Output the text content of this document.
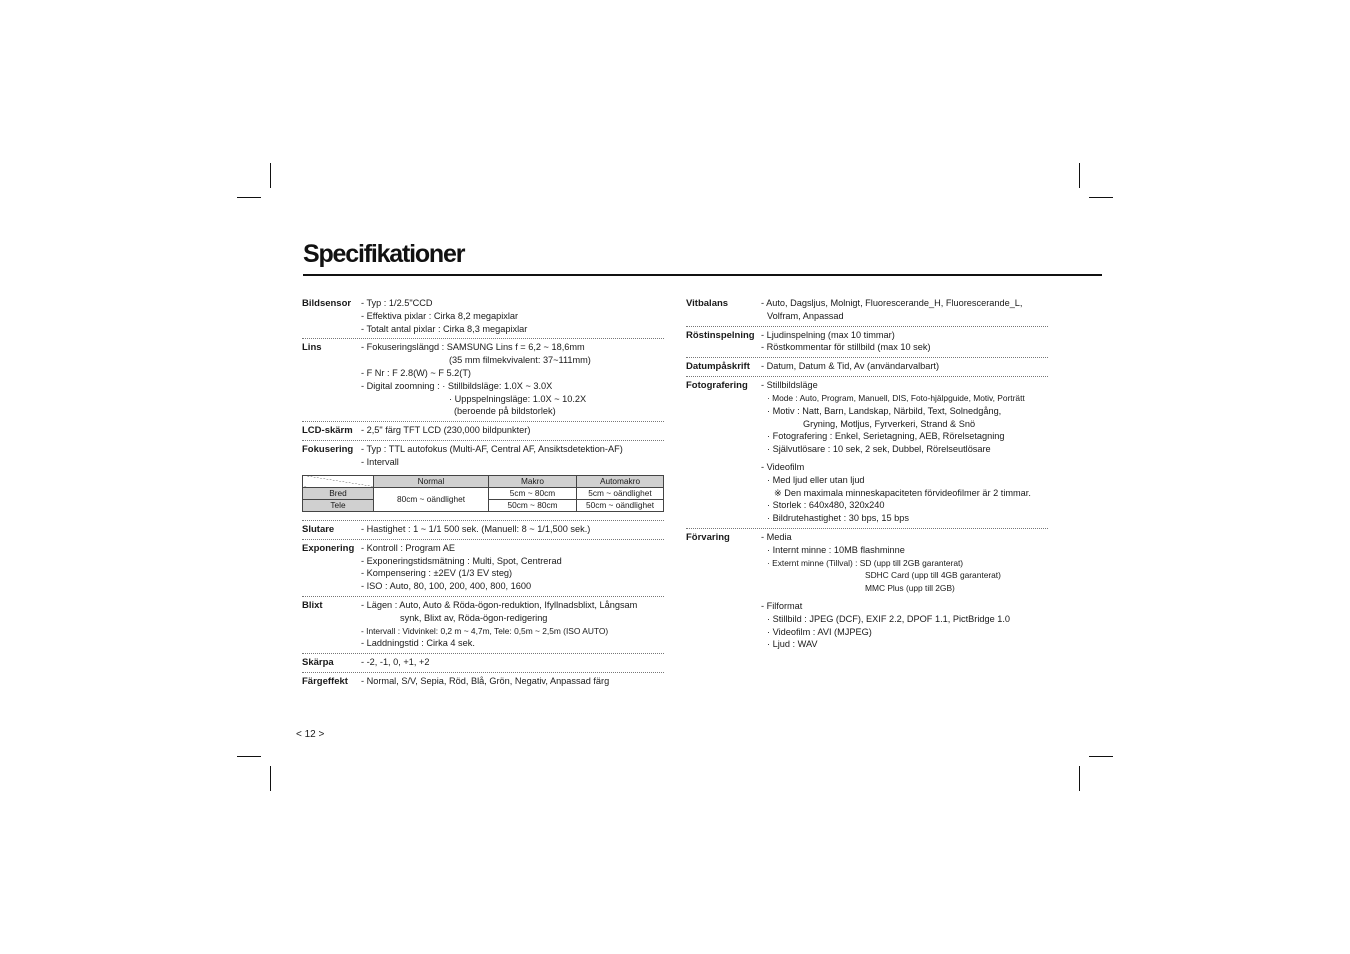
Specifikationer
Bildsensor	- Typ : 1/2.5"CCD
- Effektiva pixlar : Cirka 8,2 megapixlar
- Totalt antal pixlar : Cirka 8,3 megapixlar
Lins	- Fokuseringslängd : SAMSUNG Lins f = 6,2 ~ 18,6mm
(35 mm filmekvivalent: 37~111mm)
- F Nr : F 2.8(W) ~ F 5.2(T)
- Digital zoomning : · Stillbildsläge: 1.0X ~ 3.0X
· Uppspelningsläge: 1.0X ~ 10.2X
(beroende på bildstorlek)
LCD-skärm - 2,5" färg TFT LCD (230,000 bildpunkter)
Fokusering - Typ : TTL autofokus (Multi-AF, Central AF, Ansiktsdetektion-AF)
- Intervall
	Normal	Makro	Automakro
Bred	80cm ~ oändlighet	5cm ~ 80cm	5cm ~ oändlighet
Tele		50cm ~ 80cm	50cm ~ oändlighet
Slutare	- Hastighet : 1 ~ 1/1 500 sek. (Manuell: 8 ~ 1/1,500 sek.)
Exponering - Kontroll : Program AE
- Exponeringstidsmätning : Multi, Spot, Centrerad
- Kompensering : ±2EV (1/3 EV steg)
- ISO : Auto, 80, 100, 200, 400, 800, 1600
Blixt	- Lägen : Auto, Auto & Röda-ögon-reduktion, Ifyllnadsblixt, Långsam
synk, Blixt av, Röda-ögon-redigering
- Intervall : Vidvinkel: 0,2 m ~ 4,7m, Tele: 0,5m ~ 2,5m (ISO AUTO)
- Laddningstid : Cirka 4 sek.
Skärpa	- -2, -1, 0, +1, +2
Färgeffekt	- Normal, S/V, Sepia, Röd, Blå, Grön, Negativ, Anpassad färg
Vitbalans	- Auto, Dagsljus, Molnigt, Fluorescerande_H, Fluorescerande_L,
Volfram, Anpassad
Röstinspelning - Ljudinspelning (max 10 timmar)
- Röstkommentar för stillbild (max 10 sek)
Datumpåskrift	- Datum, Datum & Tid, Av (användarvalbart)
Fotografering	- Stillbildsläge
· Mode : Auto, Program, Manuell, DIS, Foto-hjälpguide, Motiv, Porträtt
· Motiv : Natt, Barn, Landskap, Närbild, Text, Solnedgång,
Gryning, Motljus, Fyrverkeri, Strand & Snö
· Fotografering : Enkel, Serietagning, AEB, Rörelsetagning
· Självutlösare : 10 sek, 2 sek, Dubbel, Rörelseutlösare
- Videofilm
· Med ljud eller utan ljud
※ Den maximala minneskapaciteten förvideofilmer är 2 timmar.
· Storlek : 640x480, 320x240
· Bildrutehastighet : 30 bps, 15 bps
Förvaring	- Media
· Internt minne : 10MB flashminne
· Externt minne (Tillval) : SD (upp till 2GB garanterat)
SDHC Card (upp till 4GB garanterat)
MMC Plus (upp till 2GB)
- Filformat
· Stillbild : JPEG (DCF), EXIF 2.2, DPOF 1.1, PictBridge 1.0
· Videofilm : AVI (MJPEG)
· Ljud : WAV
< 12 >
